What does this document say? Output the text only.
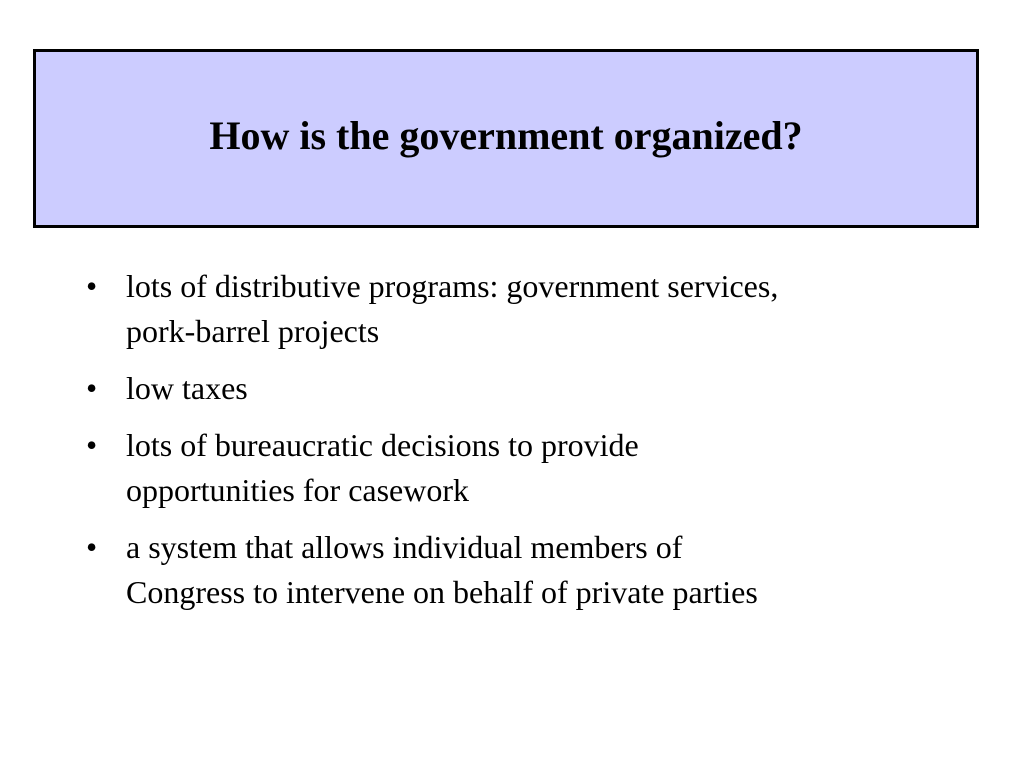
How is the government organized?
• lots of distributive programs: government services,
pork-barrel projects
• low taxes
• lots of bureaucratic decisions to provide
opportunities for casework
• a system that allows individual members of
Congress to intervene on behalf of private parties
